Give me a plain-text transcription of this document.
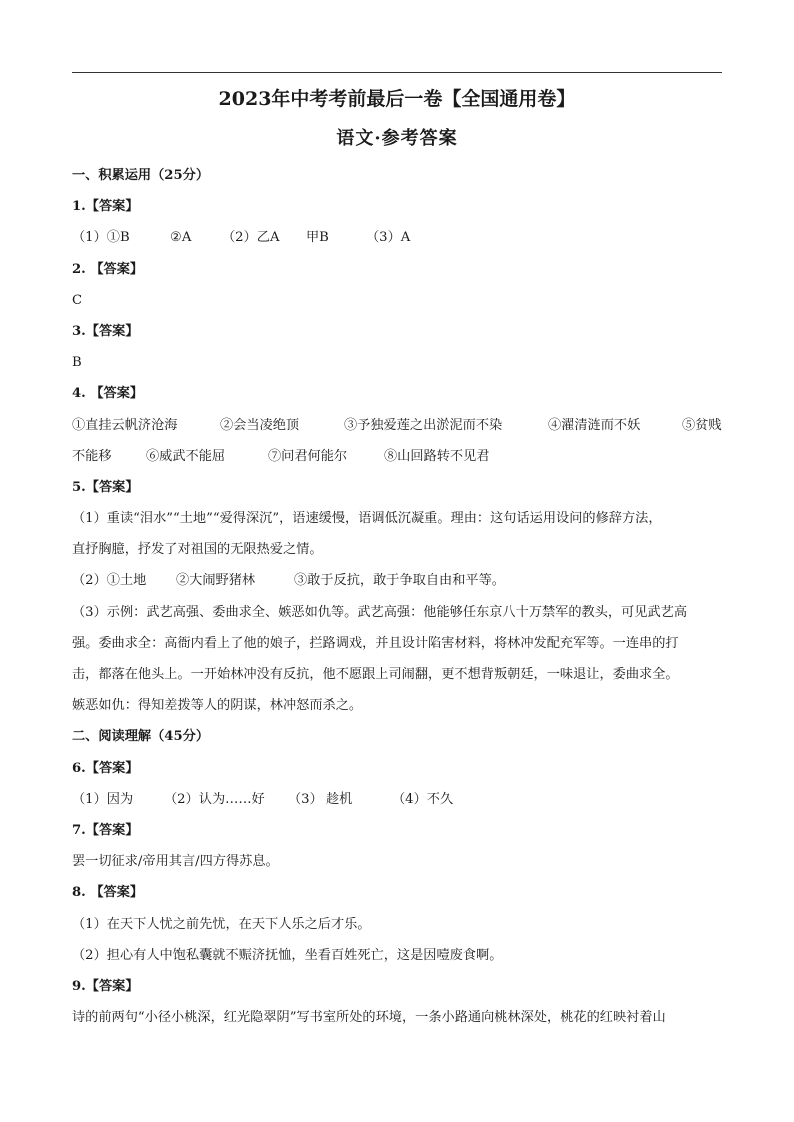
2023年中考考前最后一卷【全国通用卷】
语文·参考答案
一、积累运用（25分）
1.【答案】
（1）①B	②A （2）乙A 甲B	（3）A
2. 【答案】
C
3.【答案】
B
4. 【答案】
①直挂云帆济沧海	②会当凌绝顶	③予独爱莲之出淤泥而不染	④濯清涟而不妖	⑤贫贱
不能移	⑥威武不能屈	⑦问君何能尔	⑧山回路转不见君
5.【答案】
（1）重读“泪水”“土地”“爱得深沉”，语速缓慢，语调低沉凝重。理由：这句话运用设问的修辞方法，
直抒胸臆，抒发了对祖国的无限热爱之情。
（2）①土地 ②大闹野猪林	③敢于反抗，敢于争取自由和平等。
（3）示例：武艺高强、委曲求全、嫉恶如仇等。武艺高强：他能够任东京八十万禁军的教头，可见武艺高
强。委曲求全：高衙内看上了他的娘子，拦路调戏，并且设计陷害材料，将林冲发配充军等。一连串的打
击，都落在他头上。一开始林冲没有反抗，他不愿跟上司闹翻，更不想背叛朝廷，一味退让，委曲求全。
嫉恶如仇：得知差拨等人的阴谋，林冲怒而杀之。
二、阅读理解（45分）
6.【答案】
（1）因为 （2）认为……好 （3） 趁机	（4）不久
7.【答案】
罢一切征求/帝用其言/四方得苏息。
8. 【答案】
（1）在天下人忧之前先忧，在天下人乐之后才乐。
（2）担心有人中饱私囊就不赈济抚恤，坐看百姓死亡，这是因噎废食啊。
9.【答案】
诗的前两句“小径小桃深，红光隐翠阴”写书室所处的环境，一条小路通向桃林深处，桃花的红映衬着山
